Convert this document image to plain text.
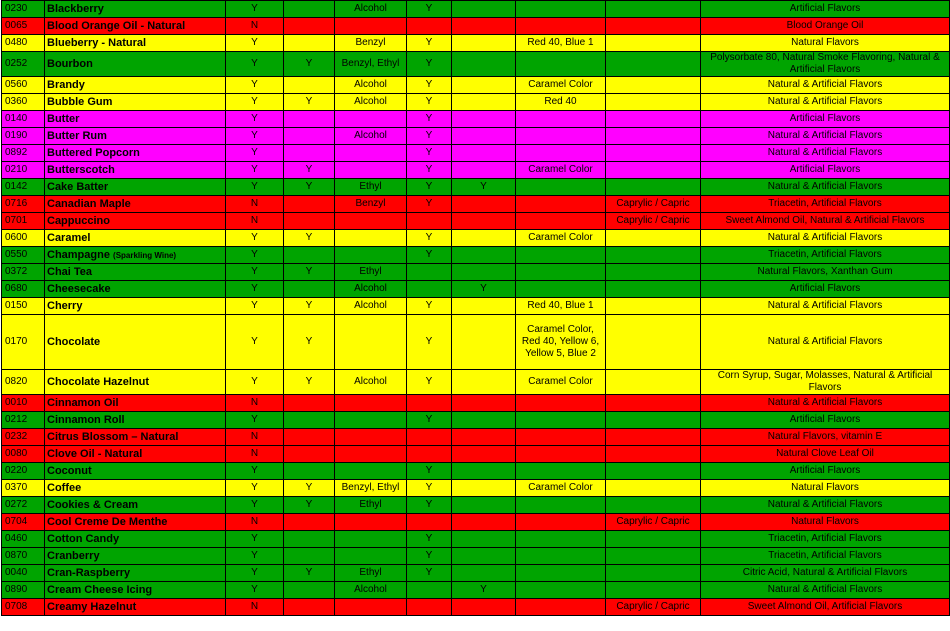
0230	Blackberry	Y		Alcohol	Y				Artificial Flavors
0065	Blood Orange Oil - Natural	N							Blood Orange Oil
0480	Blueberry - Natural	Y		Benzyl	Y		Red 40, Blue 1		Natural Flavors
0252	Bourbon	Y	Y	Benzyl, Ethyl	Y				Polysorbate 80, Natural Smoke Flavoring, Natural & Artificial Flavors
0560	Brandy	Y		Alcohol	Y		Caramel Color		Natural & Artificial Flavors
0360	Bubble Gum	Y	Y	Alcohol	Y		Red 40		Natural & Artificial Flavors
0140	Butter	Y			Y				Artificial Flavors
0190	Butter Rum	Y		Alcohol	Y				Natural & Artificial Flavors
0892	Buttered Popcorn	Y			Y				Natural & Artificial Flavors
0210	Butterscotch	Y	Y		Y		Caramel Color		Artificial Flavors
0142	Cake Batter	Y	Y	Ethyl	Y	Y			Natural & Artificial Flavors
0716	Canadian Maple	N		Benzyl	Y			Caprylic / Capric	Triacetin, Artificial Flavors
0701	Cappuccino	N						Caprylic / Capric	Sweet Almond Oil, Natural & Artificial Flavors
0600	Caramel	Y	Y		Y		Caramel Color		Natural & Artificial Flavors
0550	Champagne (Sparkling Wine)	Y			Y				Triacetin, Artificial Flavors
0372	Chai Tea	Y	Y	Ethyl					Natural Flavors, Xanthan Gum
0680	Cheesecake	Y		Alcohol		Y			Artificial Flavors
0150	Cherry	Y	Y	Alcohol	Y		Red 40, Blue 1		Natural & Artificial Flavors
0170	Chocolate	Y	Y		Y		Caramel Color, Red 40, Yellow 6, Yellow 5, Blue 2		Natural & Artificial Flavors
0820	Chocolate Hazelnut	Y	Y	Alcohol	Y		Caramel Color		Corn Syrup, Sugar, Molasses, Natural & Artificial Flavors
0010	Cinnamon Oil	N							Natural & Artificial Flavors
0212	Cinnamon Roll	Y			Y				Artificial Flavors
0232	Citrus Blossom – Natural	N							Natural Flavors, vitamin E
0080	Clove Oil - Natural	N							Natural Clove Leaf Oil
0220	Coconut	Y			Y				Artificial Flavors
0370	Coffee	Y	Y	Benzyl, Ethyl	Y		Caramel Color		Natural Flavors
0272	Cookies & Cream	Y	Y	Ethyl	Y				Natural & Artificial Flavors
0704	Cool Creme De Menthe	N						Caprylic / Capric	Natural Flavors
0460	Cotton Candy	Y			Y				Triacetin, Artificial Flavors
0870	Cranberry	Y			Y				Triacetin, Artificial Flavors
0040	Cran-Raspberry	Y	Y	Ethyl	Y				Citric Acid, Natural & Artificial Flavors
0890	Cream Cheese Icing	Y		Alcohol		Y			Natural & Artificial Flavors
0708	Creamy Hazelnut	N						Caprylic / Capric	Sweet Almond Oil, Artificial Flavors
